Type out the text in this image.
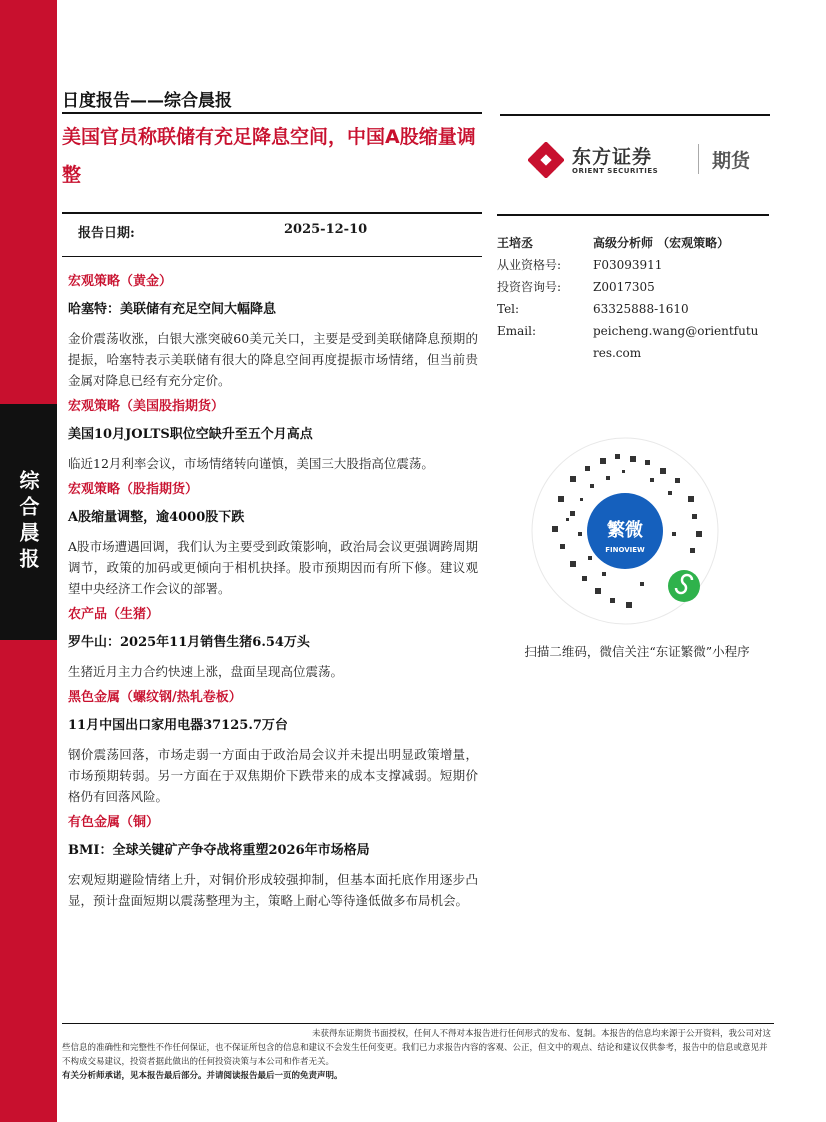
综合晨报
日度报告——综合晨报
美国官员称联储有充足降息空间，中国A股缩量调整
东方证券
ORIENT SECURITIES	期货
报告日期:	2025-12-10
宏观策略（黄金）
哈塞特：美联储有充足空间大幅降息
金价震荡收涨，白银大涨突破60美元关口，主要是受到美联储降息预期的提振，哈塞特表示美联储有很大的降息空间再度提振市场情绪，但当前贵金属对降息已经有充分定价。
宏观策略（美国股指期货）
美国10月JOLTS职位空缺升至五个月高点
临近12月利率会议，市场情绪转向谨慎，美国三大股指高位震荡。
宏观策略（股指期货）
A股缩量调整，逾4000股下跌
A股市场遭遇回调，我们认为主要受到政策影响，政治局会议更强调跨周期调节，政策的加码或更倾向于相机抉择。股市预期因而有所下修。建议观望中央经济工作会议的部署。
农产品（生猪）
罗牛山：2025年11月销售生猪6.54万头
生猪近月主力合约快速上涨，盘面呈现高位震荡。
黑色金属（螺纹钢/热轧卷板）
11月中国出口家用电器37125.7万台
钢价震荡回落，市场走弱一方面由于政治局会议并未提出明显政策增量，市场预期转弱。另一方面在于双焦期价下跌带来的成本支撑减弱。短期价格仍有回落风险。
有色金属（铜）
BMI：全球关键矿产争夺战将重塑2026年市场格局
宏观短期避险情绪上升，对铜价形成较强抑制，但基本面托底作用逐步凸显，预计盘面短期以震荡整理为主，策略上耐心等待逢低做多布局机会。
王培丞	高级分析师 （宏观策略）
从业资格号:	F03093911
投资咨询号:	Z0017305
Tel:	63325888-1610
Email:	peicheng.wang@orientfutures.com
繁微
FINOVIEW
扫描二维码，微信关注“东证繁微”小程序
未获得东证期货书面授权，任何人不得对本报告进行任何形式的发布、复制。本报告的信息均来源于公开资料，我公司对这些信息的准确性和完整性不作任何保证，也不保证所包含的信息和建议不会发生任何变更。我们已力求报告内容的客观、公正，但文中的观点、结论和建议仅供参考，报告中的信息或意见并不构成交易建议，投资者据此做出的任何投资决策与本公司和作者无关。
有关分析师承诺，见本报告最后部分。并请阅读报告最后一页的免责声明。
